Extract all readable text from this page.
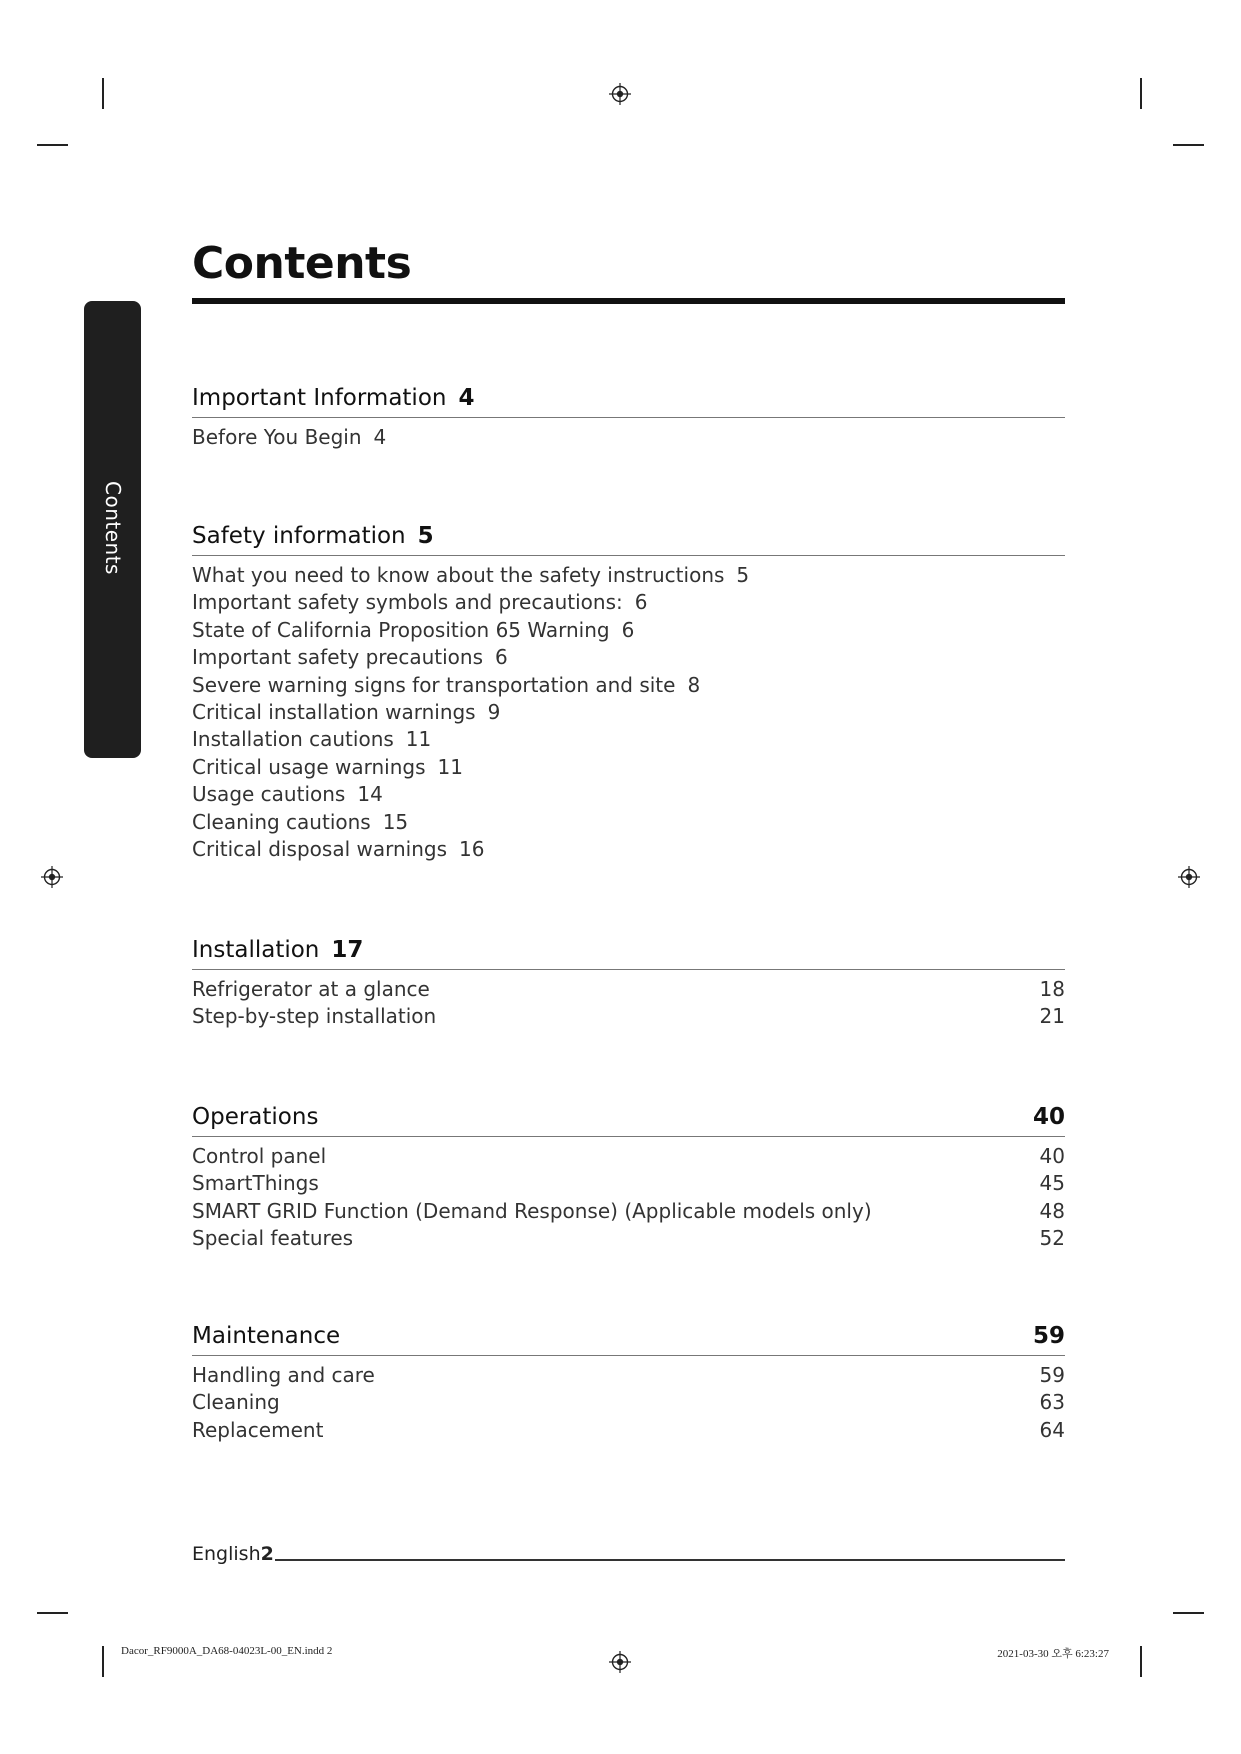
Contents
Contents
Important Information 4
Before You Begin 4
Safety information 5
What you need to know about the safety instructions 5
Important safety symbols and precautions: 6
State of California Proposition 65 Warning 6
Important safety precautions 6
Severe warning signs for transportation and site 8
Critical installation warnings 9
Installation cautions 11
Critical usage warnings 11
Usage cautions 14
Cleaning cautions 15
Critical disposal warnings 16
Installation 17
Refrigerator at a glance	18
Step-by-step installation	21
Operations	40
Control panel	40
SmartThings	45
SMART GRID Function (Demand Response) (Applicable models only)	48
Special features	52
Maintenance	59
Handling and care	59
Cleaning	63
Replacement	64
English2
Dacor_RF9000A_DA68-04023L-00_EN.indd 2	2021-03-30 오후 6:23:27
